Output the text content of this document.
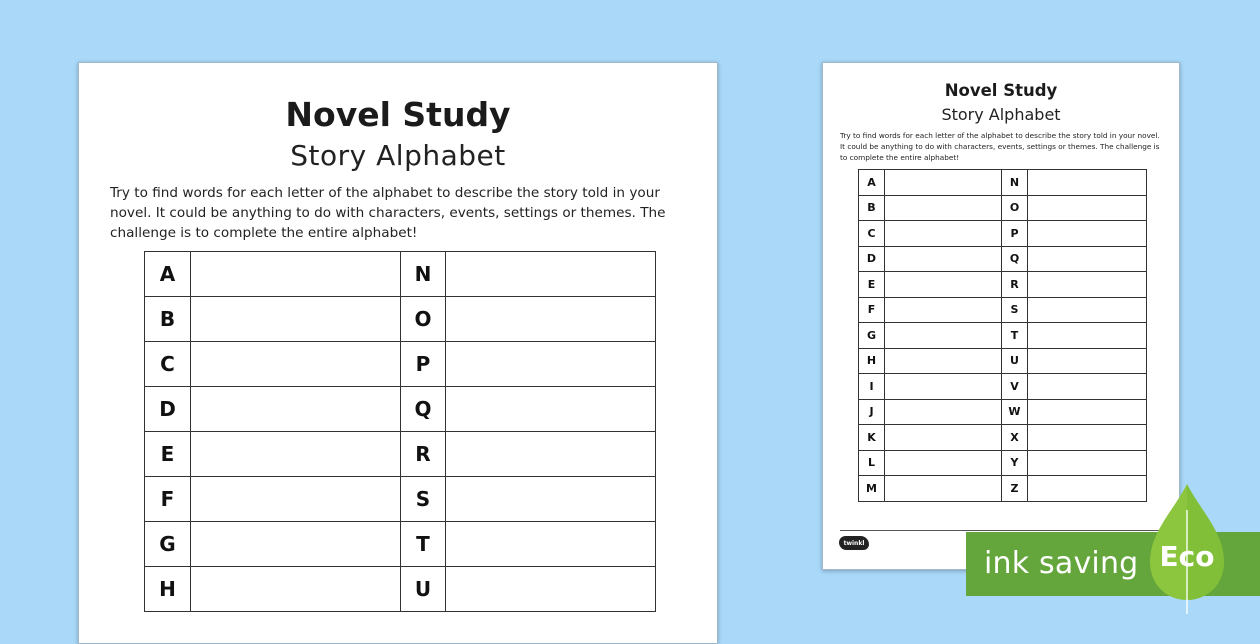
Novel Study
Story Alphabet
Try to find words for each letter of the alphabet to describe the story told in your novel. It could be anything to do with characters, events, settings or themes. The challenge is to complete the entire alphabet!
A		N	
B		O	
C		P	
D		Q	
E		R	
F		S	
G		T	
H		U	
Novel Study
Story Alphabet
Try to find words for each letter of the alphabet to describe the story told in your novel. It could be anything to do with characters, events, settings or themes. The challenge is to complete the entire alphabet!
A		N	
B		O	
C		P	
D		Q	
E		R	
F		S	
G		T	
H		U	
I		V	
J		W	
K		X	
L		Y	
M		Z	
twinkl
ink saving Eco
